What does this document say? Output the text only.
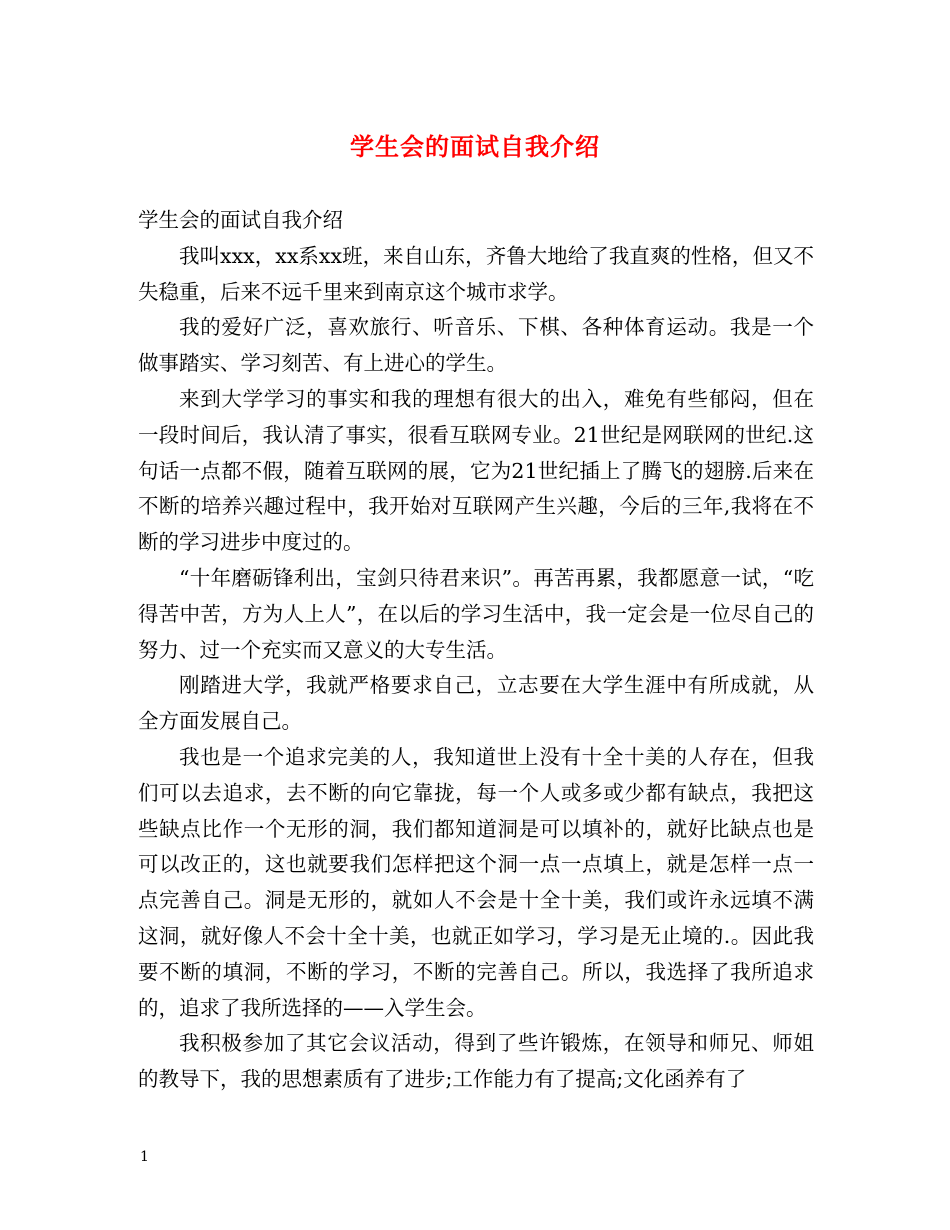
学生会的面试自我介绍

学生会的面试自我介绍

我叫xxx，xx系xx班，来自山东，齐鲁大地给了我直爽的性格，但又不失稳重，后来不远千里来到南京这个城市求学。

我的爱好广泛，喜欢旅行、听音乐、下棋、各种体育运动。我是一个做事踏实、学习刻苦、有上进心的学生。

来到大学学习的事实和我的理想有很大的出入，难免有些郁闷，但在一段时间后，我认清了事实，很看互联网专业。21世纪是网联网的世纪.这句话一点都不假，随着互联网的展，它为21世纪插上了腾飞的翅膀.后来在不断的培养兴趣过程中，我开始对互联网产生兴趣，今后的三年,我将在不断的学习进步中度过的。

“十年磨砺锋利出，宝剑只待君来识”。再苦再累，我都愿意一试，“吃得苦中苦，方为人上人”，在以后的学习生活中，我一定会是一位尽自己的努力、过一个充实而又意义的大专生活。

刚踏进大学，我就严格要求自己，立志要在大学生涯中有所成就，从全方面发展自己。

我也是一个追求完美的人，我知道世上没有十全十美的人存在，但我们可以去追求，去不断的向它靠拢，每一个人或多或少都有缺点，我把这些缺点比作一个无形的洞，我们都知道洞是可以填补的，就好比缺点也是可以改正的，这也就要我们怎样把这个洞一点一点填上，就是怎样一点一点完善自己。洞是无形的，就如人不会是十全十美，我们或许永远填不满这洞，就好像人不会十全十美，也就正如学习，学习是无止境的.。因此我要不断的填洞，不断的学习，不断的完善自己。所以，我选择了我所追求的，追求了我所选择的——入学生会。

我积极参加了其它会议活动，得到了些许锻炼，在领导和师兄、师姐的教导下，我的思想素质有了进步;工作能力有了提高;文化函养有了

1
